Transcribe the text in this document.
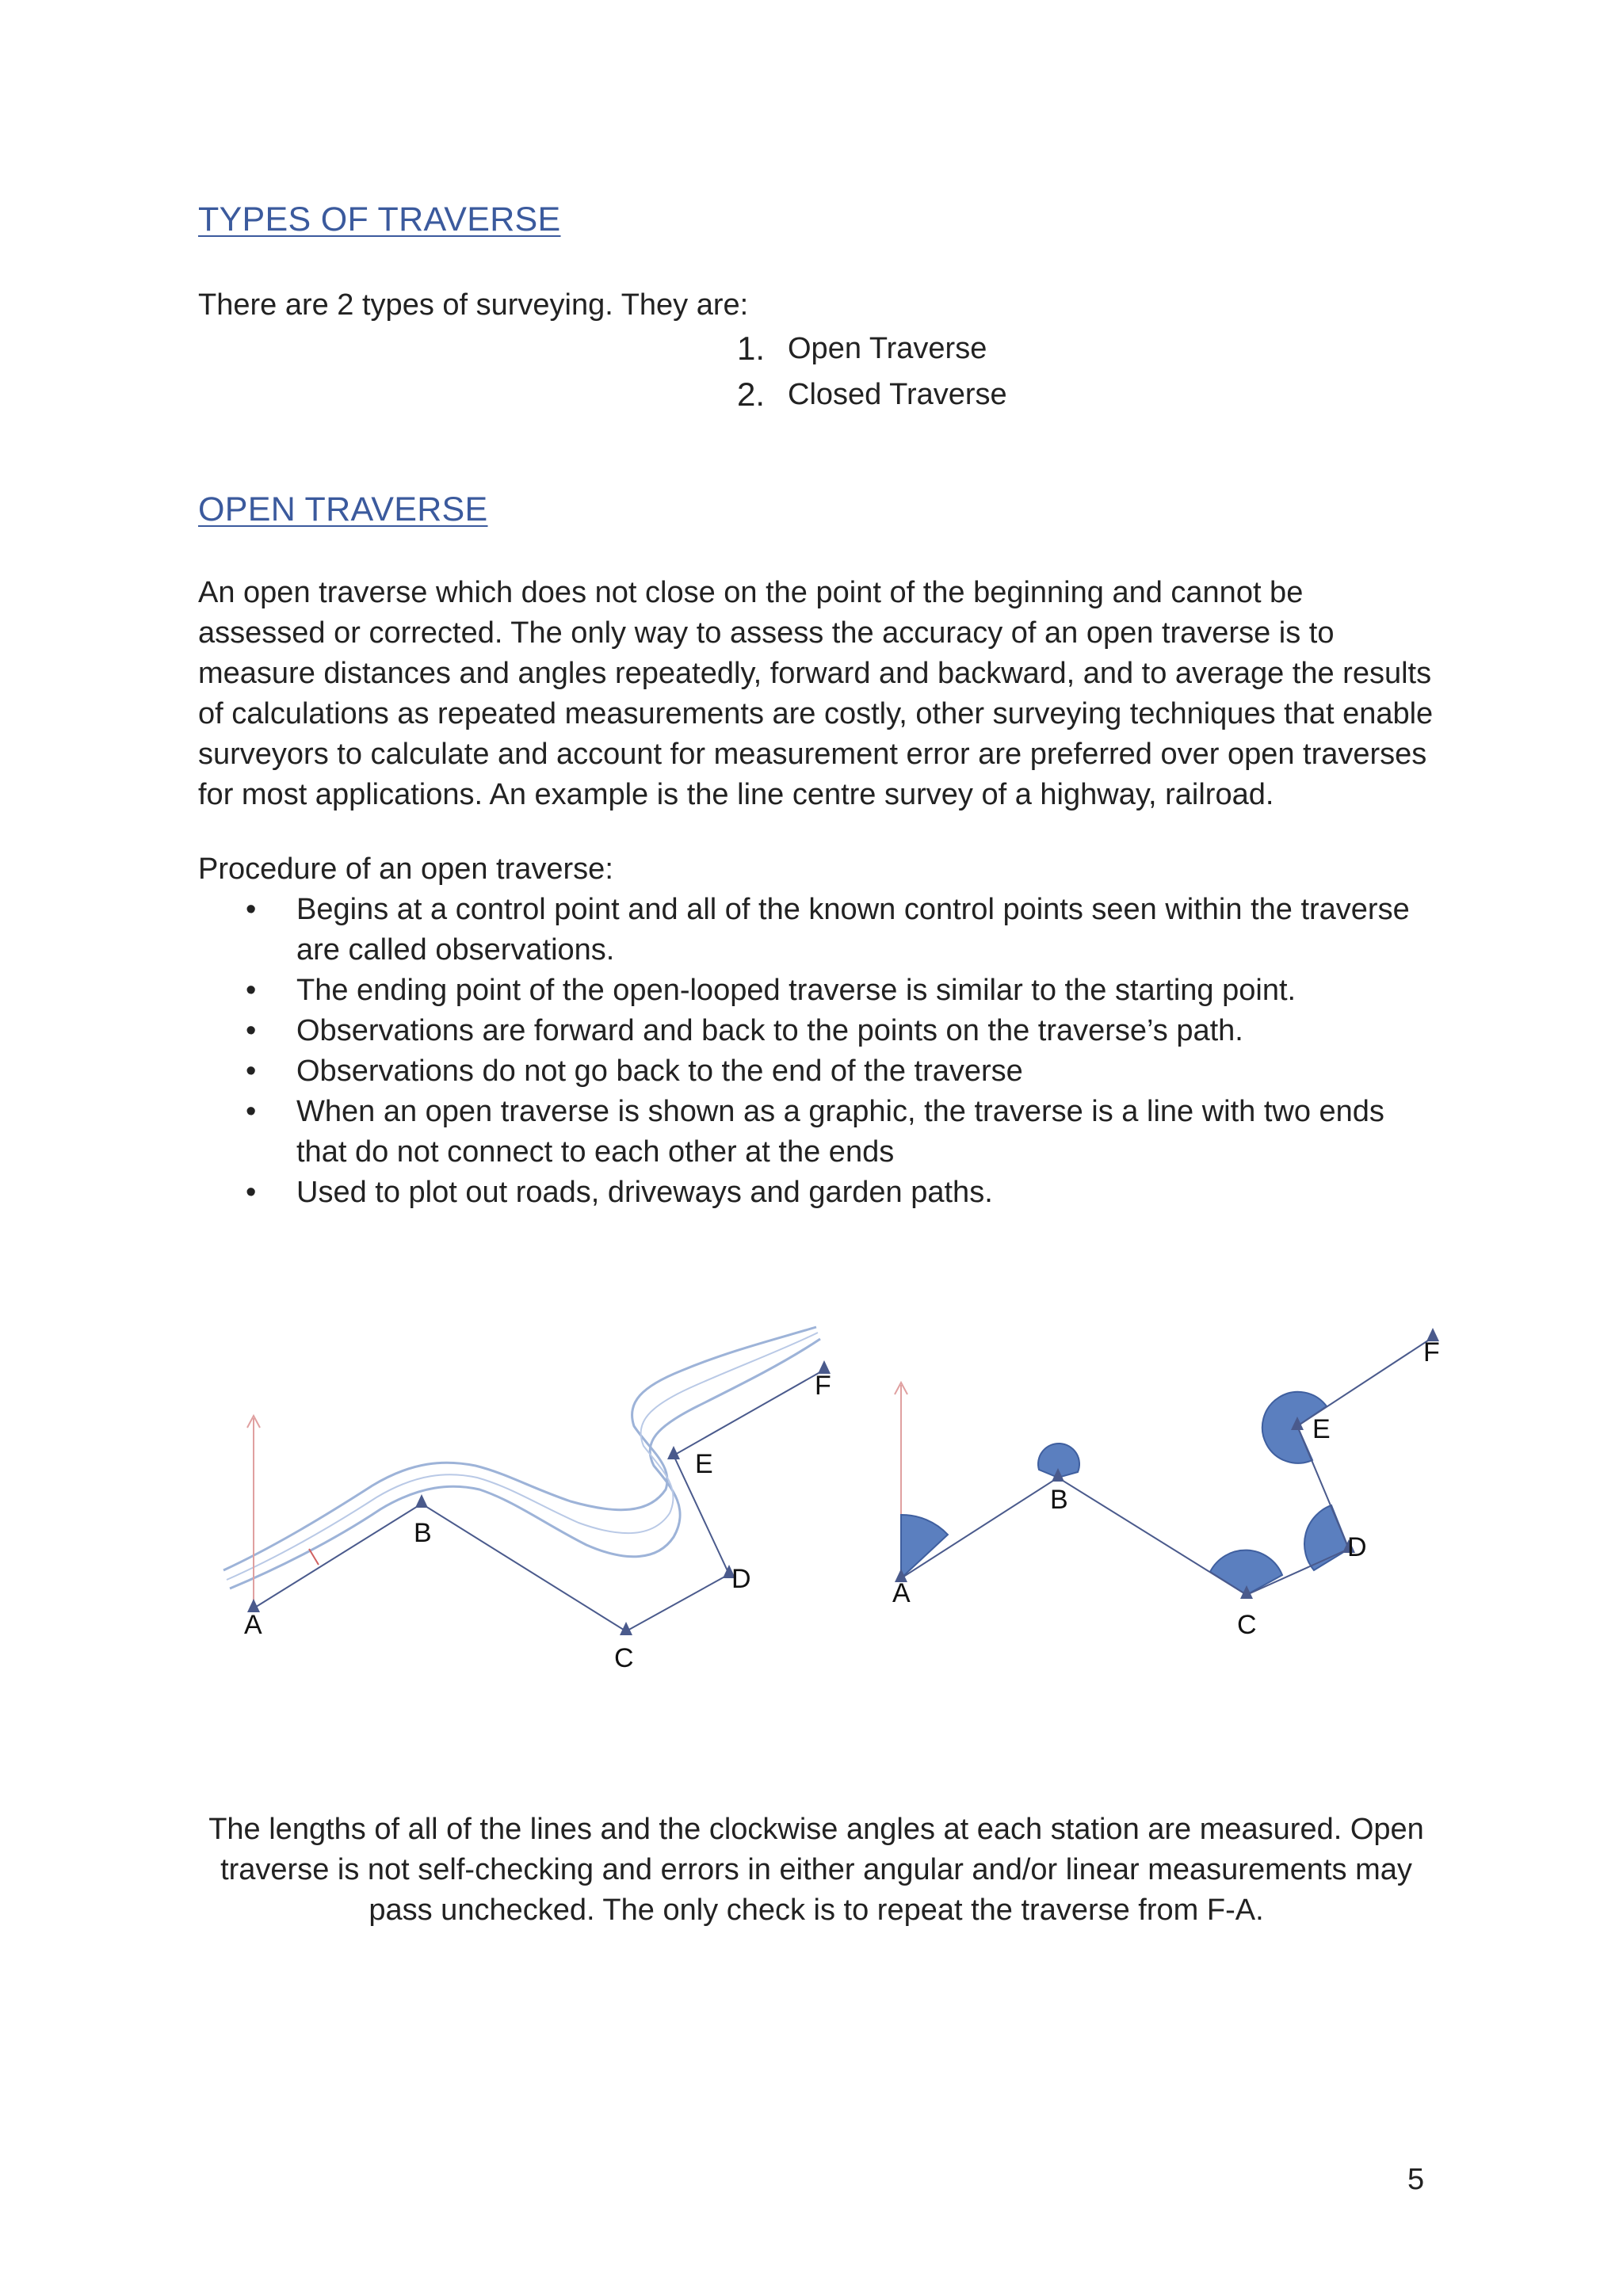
TYPES OF TRAVERSE

There are 2 types of surveying. They are:

1. Open Traverse
2. Closed Traverse
OPEN TRAVERSE

An open traverse which does not close on the point of the beginning and cannot be assessed or corrected. The only way to assess the accuracy of an open traverse is to measure distances and angles repeatedly, forward and backward, and to average the results of calculations as repeated measurements are costly, other surveying techniques that enable surveyors to calculate and account for measurement error are preferred over open traverses for most applications. An example is the line centre survey of a highway, railroad.

Procedure of an open traverse:

•	Begins at a control point and all of the known control points seen within the traverse are called observations.
•	The ending point of the open-looped traverse is similar to the starting point.
•	Observations are forward and back to the points on the traverse’s path.
•	Observations do not go back to the end of the traverse
•	When an open traverse is shown as a graphic, the traverse is a line with two ends that do not connect to each other at the ends
•	Used to plot out roads, driveways and garden paths.
A
B
C
D
E
F
A
B
C
D
E
F

The lengths of all of the lines and the clockwise angles at each station are measured. Open traverse is not self-checking and errors in either angular and/or linear measurements may pass unchecked. The only check is to repeat the traverse from F-A.

5
